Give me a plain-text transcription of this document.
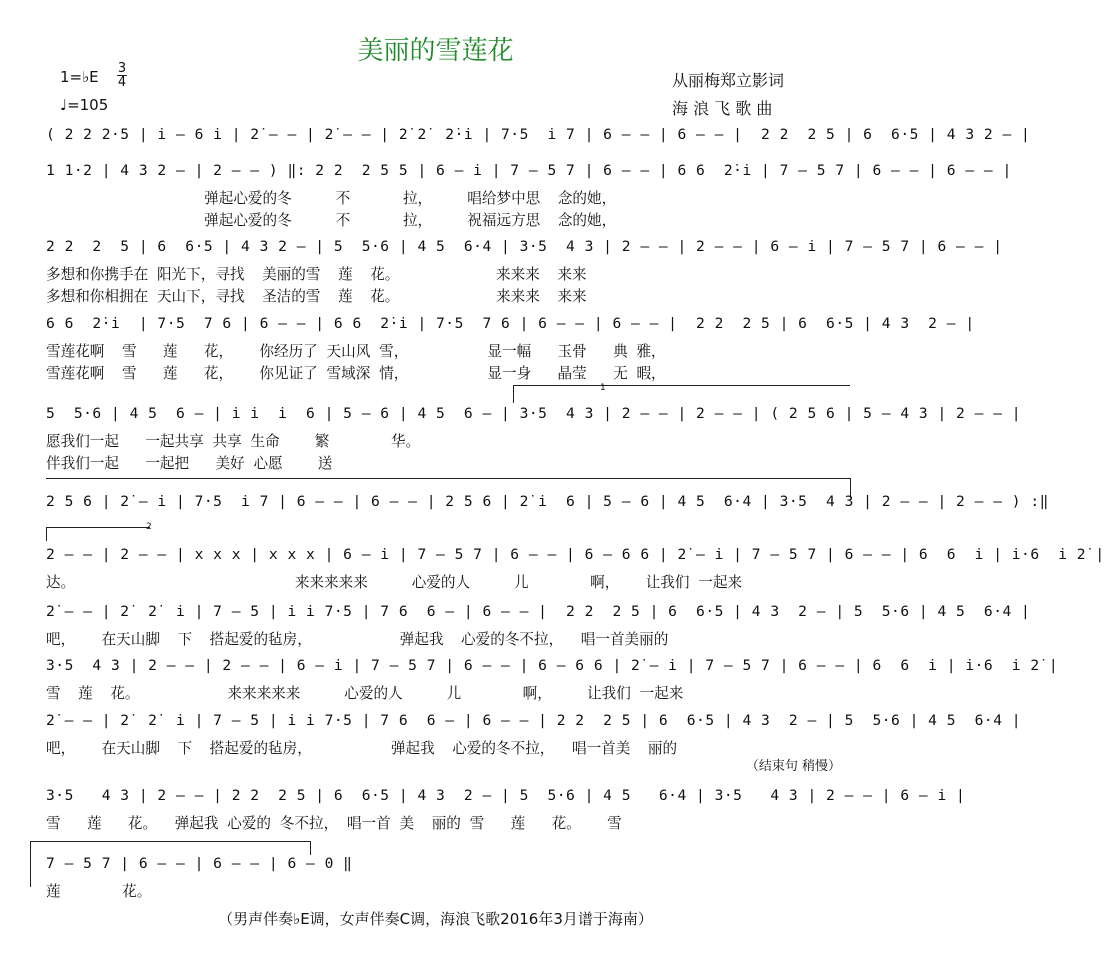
美丽的雪莲花
1=♭E 3
4
♩=105
从丽梅郑立影词
海 浪 飞 歌 曲
( 2 2 2·5 | i̇ — 6 i̇ | 2̇ — — | 2̇ — — | 2̇ 2̇  2̇·i̇ | 7·5  i̇ 7 | 6 — — | 6 — — |  2 2  2 5 | 6  6·5 | 4 3 2 — |
1 1·2 | 4 3 2 — | 2 — — ) ‖: 2 2  2 5 5 | 6 — i̇ | 7 — 5 7 | 6 — — | 6 6  2̇·i̇ | 7 — 5 7 | 6 — — | 6 — — |
弹起心爱的冬     不      拉，    唱给梦中思  念的她，
弹起心爱的冬     不      拉，    祝福远方思  念的她，
2 2  2  5 | 6  6·5 | 4 3 2 — | 5  5·6 | 4 5  6·4 | 3·5  4 3 | 2 — — | 2 — — | 6 — i̇ | 7 — 5 7 | 6 — — |
多想和你携手在 阳光下，寻找  美丽的雪  莲  花。           来来来  来来
多想和你相拥在 天山下，寻找  圣洁的雪  莲  花。           来来来  来来
6 6  2̇·i̇  | 7·5  7 6 | 6 — — | 6 6  2̇·i̇ | 7·5  7 6 | 6 — — | 6 — — |  2 2  2 5 | 6  6·5 | 4 3  2 — |
雪莲花啊  雪   莲   花，   你经历了 天山风 雪，         显一幅   玉骨   典 雅，
雪莲花啊  雪   莲   花，   你见证了 雪域深 情，         显一身   晶莹   无 暇，
1
5  5·6 | 4 5  6 — | i̇ i̇  i̇  6 | 5 — 6 | 4 5  6 — | 3·5  4 3 | 2 — — | 2 — — | ( 2 5 6 | 5 — 4 3 | 2 — — |
愿我们一起   一起共享 共享 生命    繁       华。
伴我们一起   一起把   美好 心愿    送
2 5 6 | 2̇ — i̇ | 7·5  i̇ 7 | 6 — — | 6 — — | 2 5 6 | 2̇ i̇  6 | 5 — 6 | 4 5  6·4 | 3·5  4 3 | 2 — — | 2 — — ) :‖
2
2 — — | 2 — — | x x x | x x x | 6 — i̇ | 7 — 5 7 | 6 — — | 6 — 6 6 | 2̇ — i̇ | 7 — 5 7 | 6 — — | 6  6  i̇ | i̇·6  i̇ 2̇ |
达。                         来来来来来     心爱的人     儿       啊，   让我们 一起来
2̇ — — | 2̇  2̇  i̇ | 7 — 5 | i̇ i̇ 7·5 | 7 6  6 — | 6 — — |  2 2  2 5 | 6  6·5 | 4 3  2 — | 5  5·6 | 4 5  6·4 |
吧，   在天山脚  下  搭起爱的毡房，          弹起我  心爱的冬不拉，  唱一首美丽的
3·5  4 3 | 2 — — | 2 — — | 6 — i̇ | 7 — 5 7 | 6 — — | 6 — 6 6 | 2̇ — i̇ | 7 — 5 7 | 6 — — | 6  6  i̇ | i̇·6  i̇ 2̇ |
雪  莲  花。          来来来来来     心爱的人     儿       啊，    让我们 一起来
2̇ — — | 2̇  2̇  i̇ | 7 — 5 | i̇ i̇ 7·5 | 7 6  6 — | 6 — — | 2 2  2 5 | 6  6·5 | 4 3  2 — | 5  5·6 | 4 5  6·4 |
吧，   在天山脚  下  搭起爱的毡房，         弹起我  心爱的冬不拉，  唱一首美  丽的
（结束句 稍慢）
3·5   4 3 | 2 — — | 2 2  2 5 | 6  6·5 | 4 3  2 — | 5  5·6 | 4 5   6·4 | 3·5   4 3 | 2 — — | 6 — i̇ |
雪   莲   花。  弹起我 心爱的 冬不拉， 唱一首 美  丽的 雪   莲   花。   雪
7 — 5 7 | 6 — — | 6 — — | 6 — 0 ‖
莲       花。
（男声伴奏♭E调，女声伴奏C调，海浪飞歌2016年3月谱于海南）
